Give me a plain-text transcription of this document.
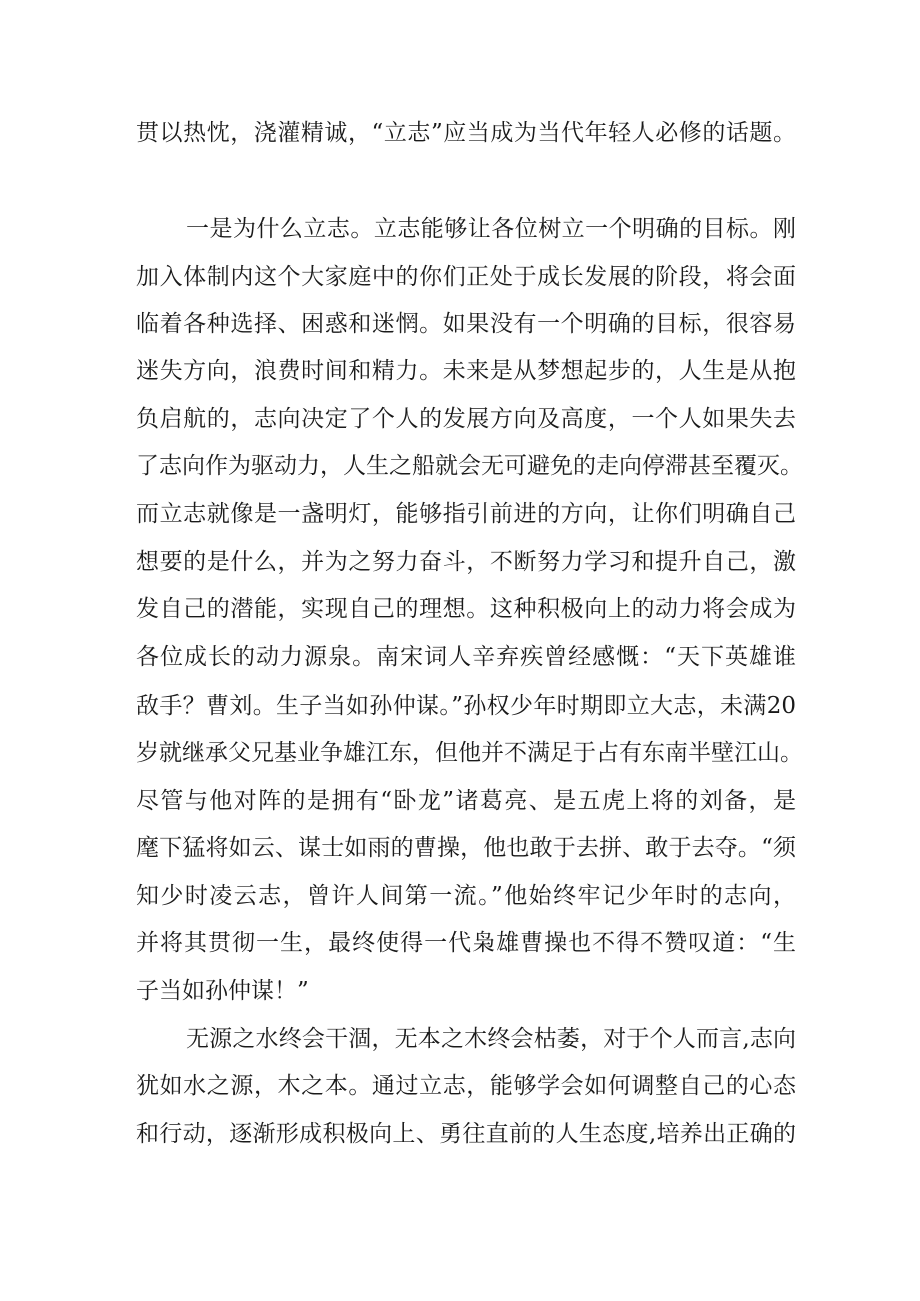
贯以热忱，浇灌精诚，“立志”应当成为当代年轻人必修的话题。
一是为什么立志。立志能够让各位树立一个明确的目标。刚
加入体制内这个大家庭中的你们正处于成长发展的阶段，将会面
临着各种选择、困惑和迷惘。如果没有一个明确的目标，很容易
迷失方向，浪费时间和精力。未来是从梦想起步的，人生是从抱
负启航的，志向决定了个人的发展方向及高度，一个人如果失去
了志向作为驱动力，人生之船就会无可避免的走向停滞甚至覆灭。
而立志就像是一盏明灯，能够指引前进的方向，让你们明确自己
想要的是什么，并为之努力奋斗，不断努力学习和提升自己，激
发自己的潜能，实现自己的理想。这种积极向上的动力将会成为
各位成长的动力源泉。南宋词人辛弃疾曾经感慨：“天下英雄谁
敌手？曹刘。生子当如孙仲谋。”孙权少年时期即立大志，未满20
岁就继承父兄基业争雄江东，但他并不满足于占有东南半壁江山。
尽管与他对阵的是拥有“卧龙”诸葛亮、是五虎上将的刘备，是
麾下猛将如云、谋士如雨的曹操，他也敢于去拼、敢于去夺。“须
知少时凌云志，曾许人间第一流。”他始终牢记少年时的志向，
并将其贯彻一生，最终使得一代枭雄曹操也不得不赞叹道：“生
子当如孙仲谋！”
无源之水终会干涸，无本之木终会枯萎，对于个人而言,志向
犹如水之源，木之本。通过立志，能够学会如何调整自己的心态
和行动，逐渐形成积极向上、勇往直前的人生态度,培养出正确的
